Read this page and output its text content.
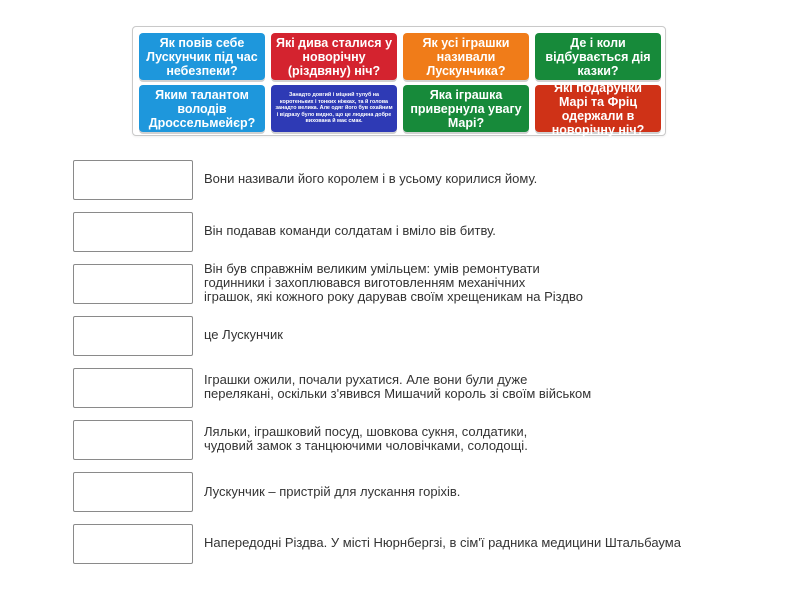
Як повів себе Лускунчик під час небезпеки?
Які дива сталися у новорічну (різдвяну) ніч?
Як усі іграшки називали Лускунчика?
Де і коли відбувається дія казки?
Яким талантом володів Дроссельмейєр?
Занадто довгий і міцний тулуб на коротеньких і тонких ніжках, та й голова занадто велика. Але одяг його був охайним і відразу було видно, що це людина добре вихована й має смак.
Яка іграшка привернула увагу Марі?
Які подарунки Марі та Фріц одержали в новорічну ніч?
Вони називали його королем і в усьому корилися йому.
Він подавав команди солдатам і вміло вів битву.
Він був справжнім великим умільцем: умів ремонтувати
годинники і захоплювався виготовленням механічних
іграшок, які кожного року дарував своїм хрещеникам на Різдво
це Лускунчик
Іграшки ожили, почали рухатися. Але вони були дуже
перелякані, оскільки з'явився Мишачий король зі своїм військом
Ляльки, іграшковий посуд, шовкова сукня, солдатики,
чудовий замок з танцюючими чоловічками, солодощі.
Лускунчик – пристрій для лускання горіхів.
Напередодні Різдва. У місті Нюрнбергзі, в сім'ї радника медицини Штальбаума
